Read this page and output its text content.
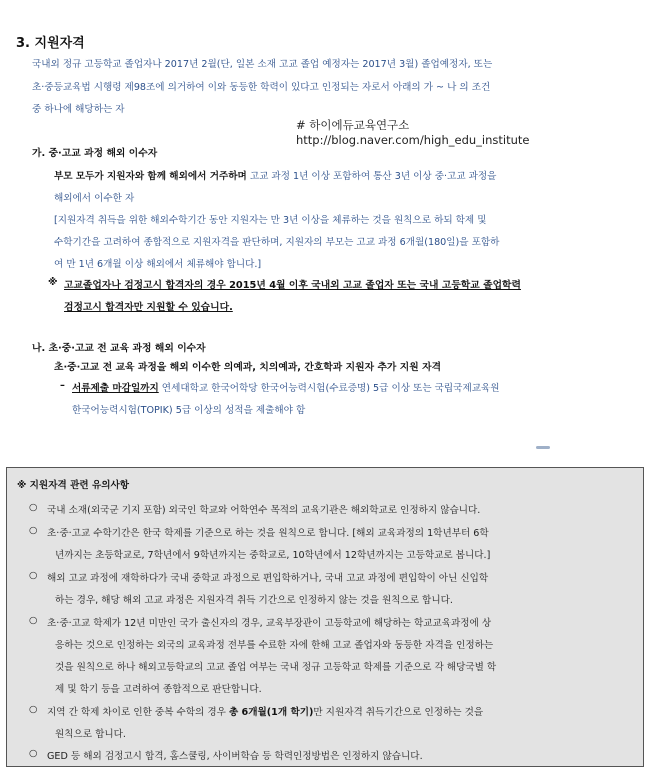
3. 지원자격
국내외 정규 고등학교 졸업자나 2017년 2월(단, 일본 소재 고교 졸업 예정자는 2017년 3월) 졸업예정자, 또는
초·중등교육법 시행령 제98조에 의거하여 이와 동등한 학력이 있다고 인정되는 자로서 아래의 가 ~ 나 의 조건
중 하나에 해당하는 자
# 하이에듀교육연구소
http://blog.naver.com/high_edu_institute
가. 중·고교 과정 해외 이수자
부모 모두가 지원자와 함께 해외에서 거주하며 고교 과정 1년 이상 포함하여 통산 3년 이상 중·고교 과정을
해외에서 이수한 자
[지원자격 취득을 위한 해외수학기간 동안 지원자는 만 3년 이상을 체류하는 것을 원칙으로 하되 학제 및
수학기간을 고려하여 종합적으로 지원자격을 판단하며, 지원자의 부모는 고교 과정 6개월(180일)을 포함하
여 만 1년 6개월 이상 해외에서 체류해야 합니다.]
※ 고교졸업자나 검정고시 합격자의 경우 2015년 4월 이후 국내외 고교 졸업자 또는 국내 고등학교 졸업학력
검정고시 합격자만 지원할 수 있습니다.
나. 초·중·고교 전 교육 과정 해외 이수자
초·중·고교 전 교육 과정을 해외 이수한 의예과, 치의예과, 간호학과 지원자 추가 지원 자격
– 서류제출 마감일까지 연세대학교 한국어학당 한국어능력시험(수료증명) 5급 이상 또는 국립국제교육원
한국어능력시험(TOPIK) 5급 이상의 성적을 제출해야 함
※ 지원자격 관련 유의사항
○ 국내 소재(외국군 기지 포함) 외국인 학교와 어학연수 목적의 교육기관은 해외학교로 인정하지 않습니다.
○ 초·중·고교 수학기간은 한국 학제를 기준으로 하는 것을 원칙으로 합니다. [해외 교육과정의 1학년부터 6학
년까지는 초등학교로, 7학년에서 9학년까지는 중학교로, 10학년에서 12학년까지는 고등학교로 봅니다.]
○ 해외 고교 과정에 재학하다가 국내 중학교 과정으로 편입학하거나, 국내 고교 과정에 편입학이 아닌 신입학
하는 경우, 해당 해외 고교 과정은 지원자격 취득 기간으로 인정하지 않는 것을 원칙으로 합니다.
○ 초·중·고교 학제가 12년 미만인 국가 출신자의 경우, 교육부장관이 고등학교에 해당하는 학교교육과정에 상
응하는 것으로 인정하는 외국의 교육과정 전부를 수료한 자에 한해 고교 졸업자와 동등한 자격을 인정하는
것을 원칙으로 하나 해외고등학교의 고교 졸업 여부는 국내 정규 고등학교 학제를 기준으로 각 해당국별 학
제 및 학기 등을 고려하여 종합적으로 판단합니다.
○ 지역 간 학제 차이로 인한 중복 수학의 경우 총 6개월(1개 학기)만 지원자격 취득기간으로 인정하는 것을
원칙으로 합니다.
○ GED 등 해외 검정고시 합격, 홈스쿨링, 사이버학습 등 학력인정방법은 인정하지 않습니다.
